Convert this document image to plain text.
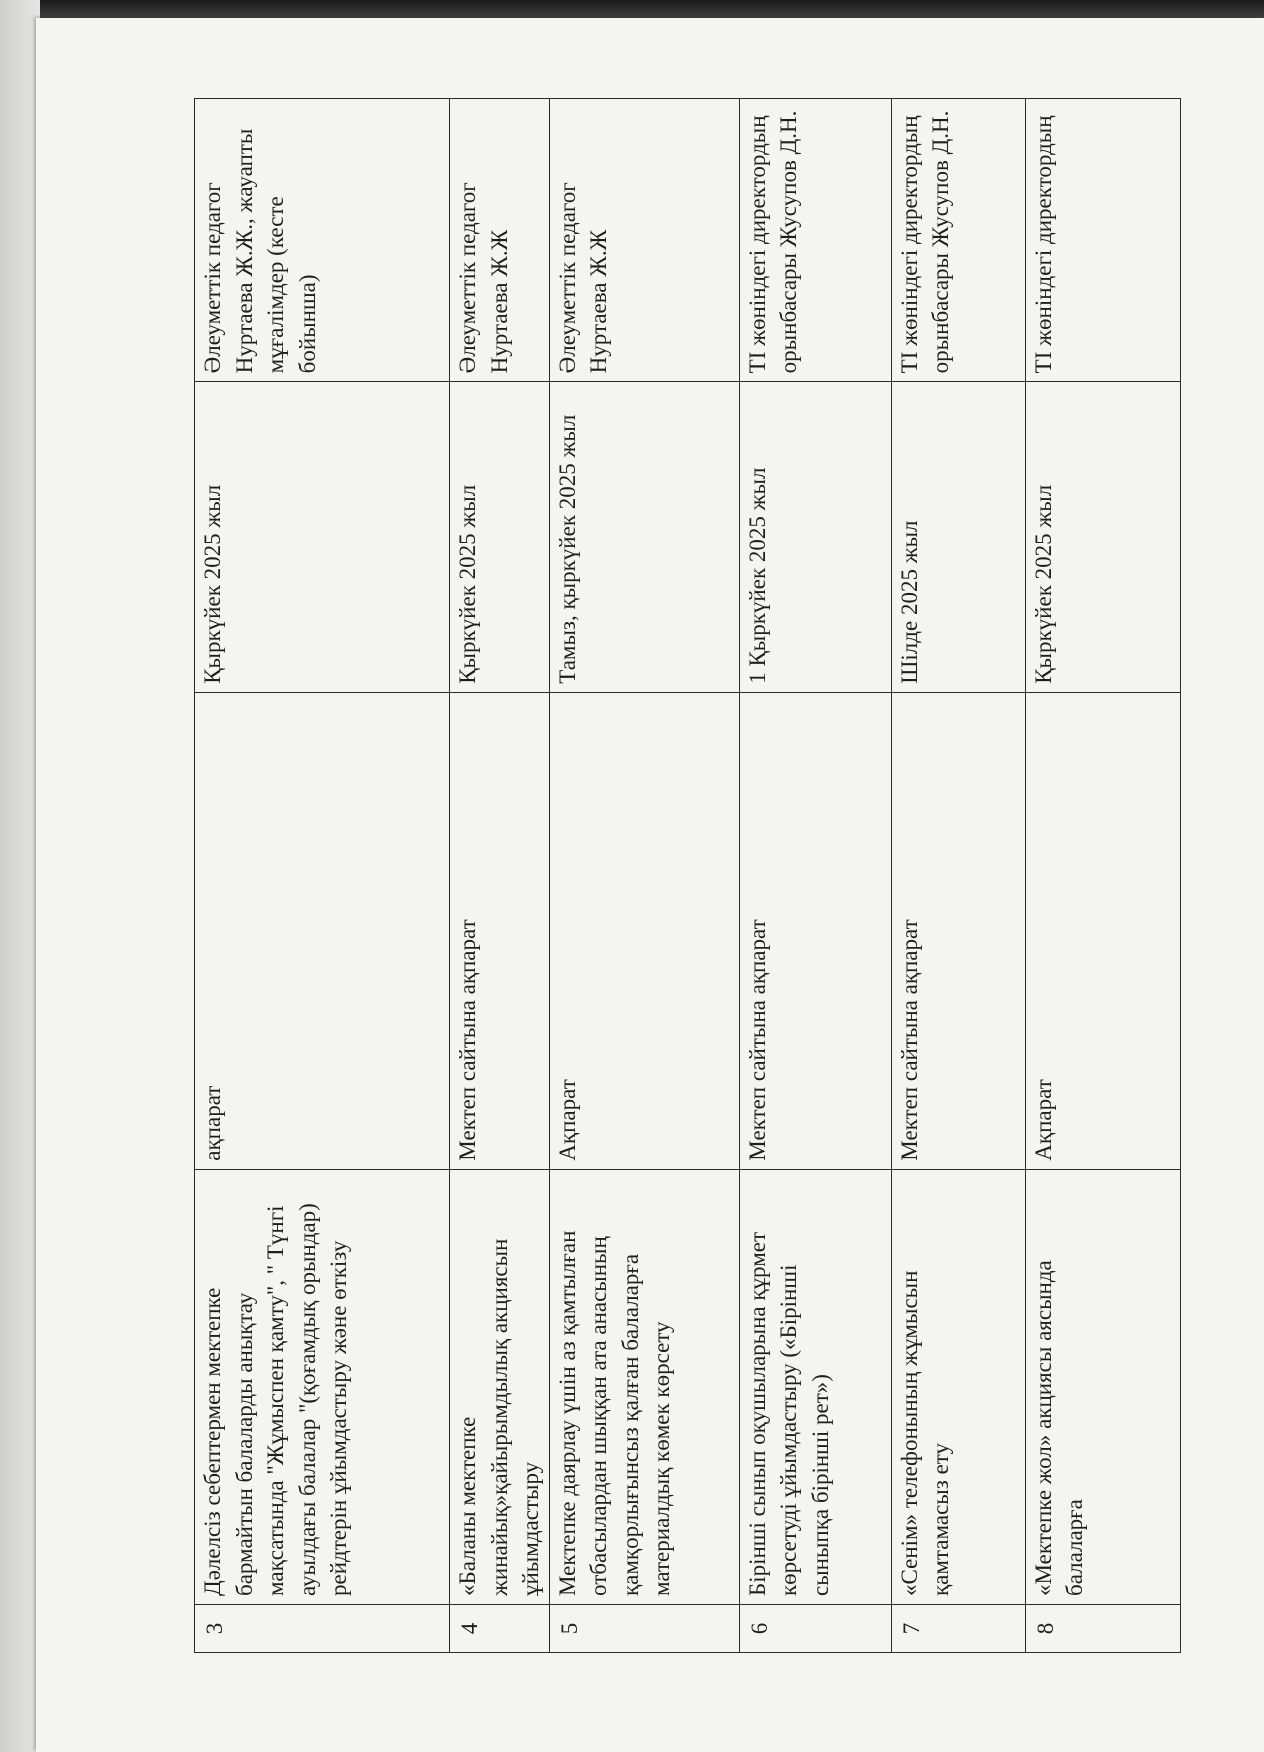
3	Дәлелсіз себептермен мектепке бармайтын балаларды анықтау мақсатында "Жұмыспен қамту", " Түнгі ауылдағы балалар "(қоғамдық орындар) рейдтерін ұйымдастыру және өткізу	ақпарат	Қыркүйек 2025 жыл	Әлеуметтік педагог Нуртаева Ж.Ж., жауапты мұғалімдер (кесте бойынша)
4	«Баланы мектепке жинайық»қайырымдылық акциясын ұйымдастыру	Мектеп сайтына ақпарат	Қыркүйек 2025 жыл	Әлеуметтік педагог Нуртаева Ж.Ж
5	Мектепке даярлау үшін аз қамтылған отбасылардан шыққан ата анасының қамқорлығынсыз қалған балаларға материалдық көмек көрсету	Ақпарат	Тамыз, қыркүйек 2025 жыл	Әлеуметтік педагог Нуртаева Ж.Ж
6	Бірінші сынып оқушыларына құрмет көрсетуді ұйымдастыру («Бірінші сыныпқа бірінші рет»)	Мектеп сайтына ақпарат	1 Қыркүйек 2025 жыл	ТІ жөніндегі директордың орынбасары Жусупов Д.Н.
7	«Сенім» телефонының жұмысын қамтамасыз ету	Мектеп сайтына ақпарат	Шілде 2025 жыл	ТІ жөніндегі директордың орынбасары Жусупов Д.Н.
8	«Мектепке жол» акциясы аясында балаларға	Ақпарат	Қыркүйек 2025 жыл	ТІ жөніндегі директордың
